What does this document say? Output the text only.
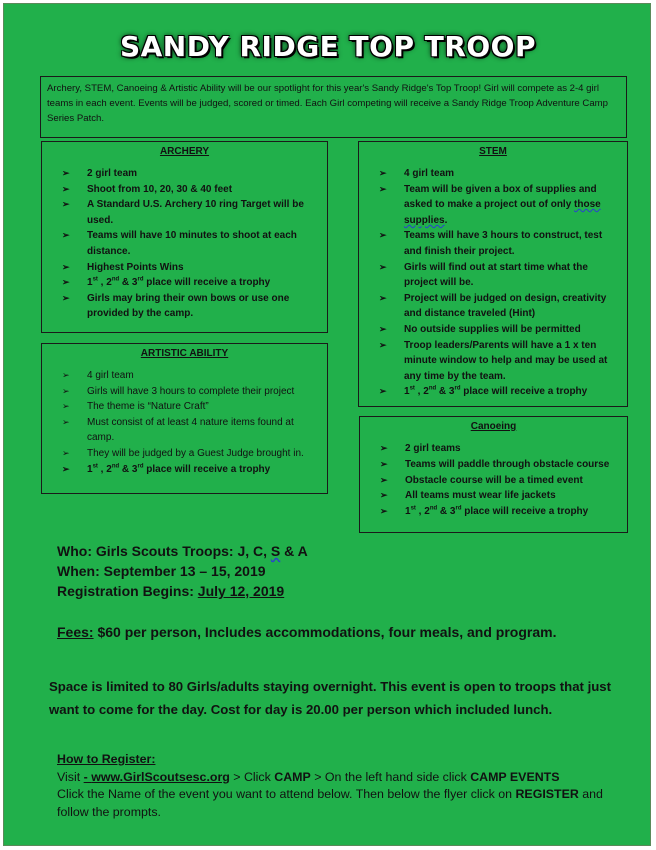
SANDY RIDGE TOP TROOP
Archery, STEM, Canoeing & Artistic Ability will be our spotlight for this year's Sandy Ridge's Top Troop! Girl will compete as 2-4 girl teams in each event. Events will be judged, scored or timed. Each Girl competing will receive a Sandy Ridge Troop Adventure Camp Series Patch.
ARCHERY
➢ 2 girl team
➢ Shoot from 10, 20, 30 & 40 feet
➢ A Standard U.S. Archery 10 ring Target will be used.
➢ Teams will have 10 minutes to shoot at each distance.
➢ Highest Points Wins
➢ 1st , 2nd & 3rd place will receive a trophy
➢ Girls may bring their own bows or use one provided by the camp.
STEM
➢ 4 girl team
➢ Team will be given a box of supplies and asked to make a project out of only those supplies.
➢ Teams will have 3 hours to construct, test and finish their project.
➢ Girls will find out at start time what the project will be.
➢ Project will be judged on design, creativity and distance traveled (Hint)
➢ No outside supplies will be permitted
➢ Troop leaders/Parents will have a 1 x ten minute window to help and may be used at any time by the team.
➢ 1st , 2nd & 3rd place will receive a trophy
ARTISTIC ABILITY
➢ 4 girl team
➢ Girls will have 3 hours to complete their project
➢ The theme is “Nature Craft”
➢ Must consist of at least 4 nature items found at camp.
➢ They will be judged by a Guest Judge brought in.
➢ 1st , 2nd & 3rd place will receive a trophy
Canoeing
➢ 2 girl teams
➢ Teams will paddle through obstacle course
➢ Obstacle course will be a timed event
➢ All teams must wear life jackets
➢ 1st , 2nd & 3rd place will receive a trophy
Who: Girls Scouts Troops: J, C, S & A
When: September 13 – 15, 2019
Registration Begins: July 12, 2019
Fees: $60 per person, Includes accommodations, four meals, and program.
Space is limited to 80 Girls/adults staying overnight. This event is open to troops that just want to come for the day. Cost for day is 20.00 per person which included lunch.
How to Register:
Visit - www.GirlScoutsesc.org > Click CAMP > On the left hand side click CAMP EVENTS
Click the Name of the event you want to attend below. Then below the flyer click on REGISTER and follow the prompts.
